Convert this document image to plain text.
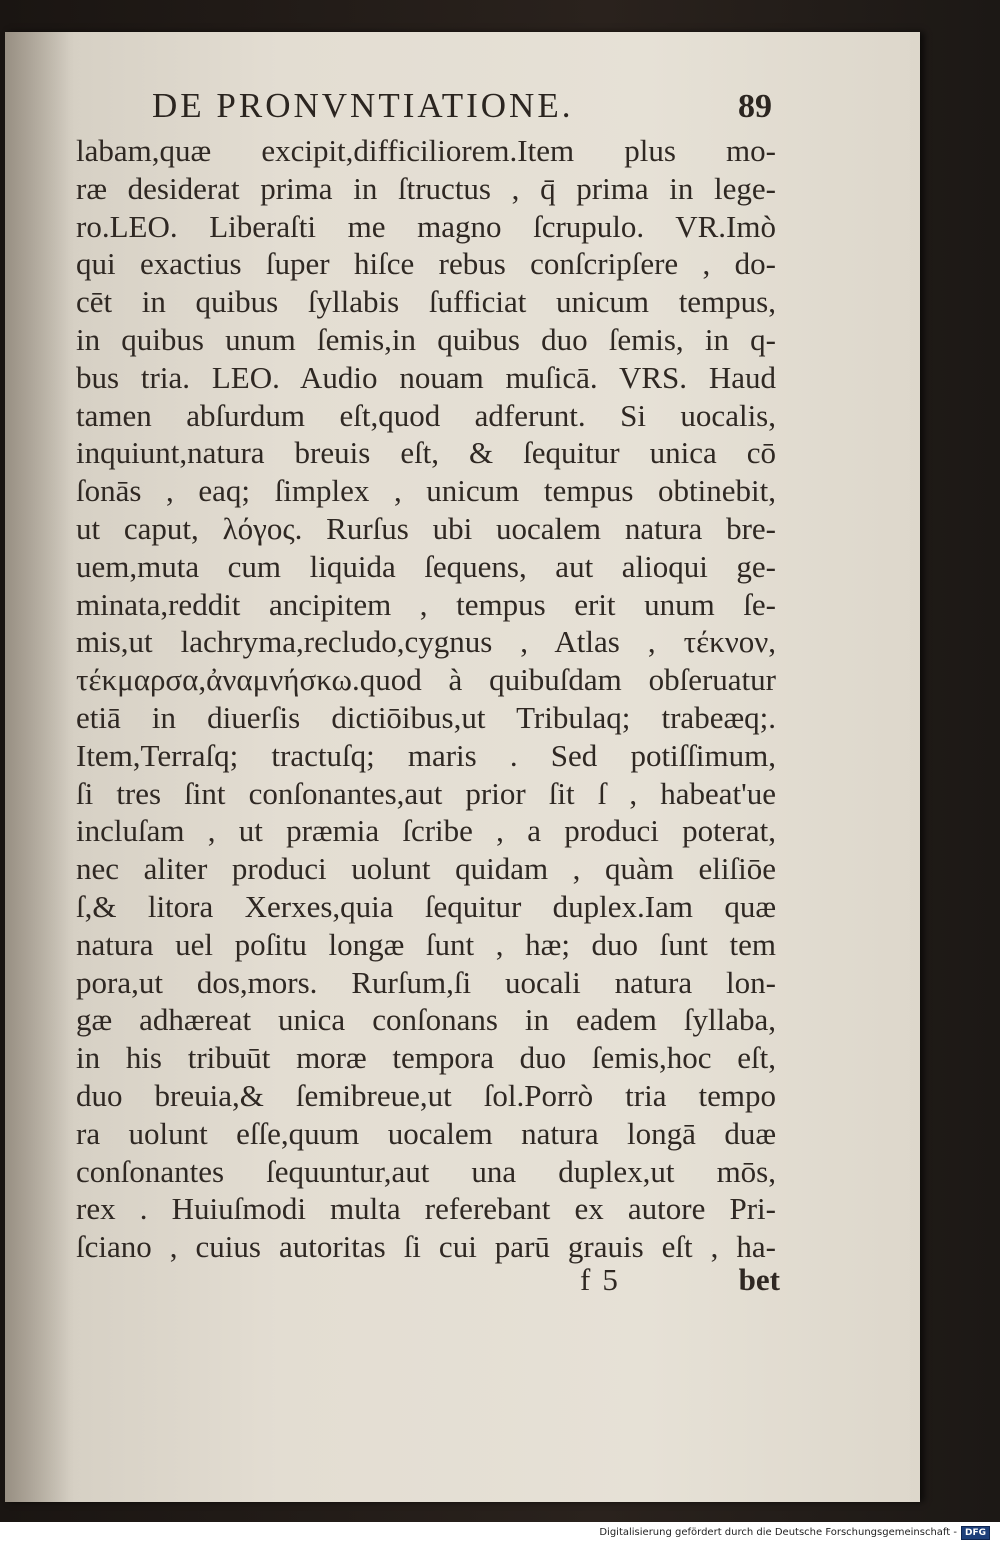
DE PRONVNTIATIONE.	89
labam,quæ excipit,difficiliorem.Item plus mo-
ræ desiderat prima in ſtructus , q̄ prima in lege-
ro.LEO. Liberaſti me magno ſcrupulo. VR.Imò
qui exactius ſuper hiſce rebus conſcripſere , do-
cēt in quibus ſyllabis ſufficiat unicum tempus,
in quibus unum ſemis,in quibus duo ſemis, in q-
bus tria. LEO. Audio nouam muſicā. VRS. Haud
tamen abſurdum eſt,quod adferunt. Si uocalis,
inquiunt,natura breuis eſt, & ſequitur unica cō
ſonās , eaq; ſimplex , unicum tempus obtinebit,
ut caput, λόγος. Rurſus ubi uocalem natura bre-
uem,muta cum liquida ſequens, aut alioqui ge-
minata,reddit ancipitem , tempus erit unum ſe-
mis,ut lachryma,recludo,cygnus , Atlas , τέκνον,
τέκμαρσα,ἀναμνήσκω.quod à quibuſdam obſeruatur
etiā in diuerſis dictiōibus,ut Tribulaq; trabeæq;.
Item,Terraſq; tractuſq; maris . Sed potiſſimum,
ſi tres ſint conſonantes,aut prior ſit ſ , habeat'ue
incluſam , ut præmia ſcribe , a produci poterat,
nec aliter produci uolunt quidam , quàm eliſiōe
ſ,& litora Xerxes,quia ſequitur duplex.Iam quæ
natura uel poſitu longæ ſunt , hæ; duo ſunt tem
pora,ut dos,mors. Rurſum,ſi uocali natura lon-
gæ adhæreat unica conſonans in eadem ſyllaba,
in his tribuūt moræ tempora duo ſemis,hoc eſt,
duo breuia,& ſemibreue,ut ſol.Porrò tria tempo
ra uolunt eſſe,quum uocalem natura longā duæ
conſonantes ſequuntur,aut una duplex,ut mōs,
rex . Huiuſmodi multa referebant ex autore Pri-
ſciano , cuius autoritas ſi cui parū grauis eſt , ha-
f 5	bet
Digitalisierung gefördert durch die Deutsche Forschungsgemeinschaft - DFG
